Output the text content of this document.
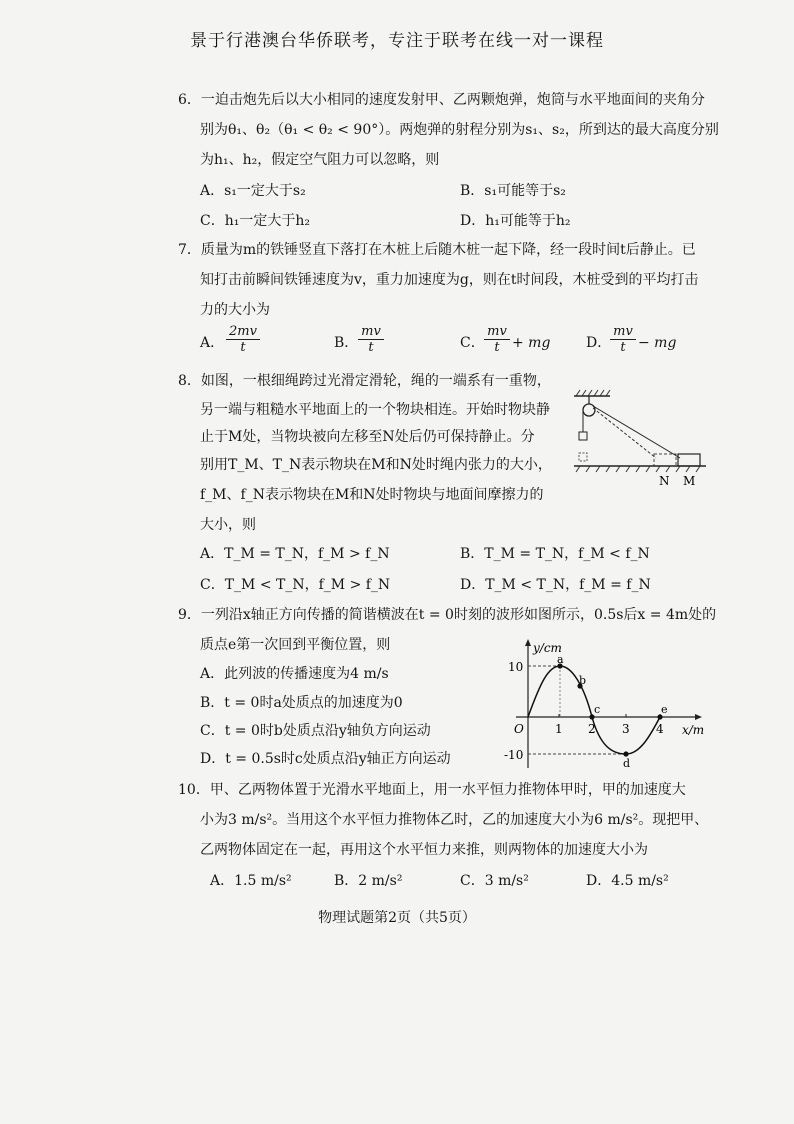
景于行港澳台华侨联考，专注于联考在线一对一课程
6．一迫击炮先后以大小相同的速度发射甲、乙两颗炮弹，炮筒与水平地面间的夹角分
别为θ₁、θ₂（θ₁ < θ₂ < 90°）。两炮弹的射程分别为s₁、s₂，所到达的最大高度分别
为h₁、h₂，假定空气阻力可以忽略，则
A．s₁一定大于s₂	B．s₁可能等于s₂
C．h₁一定大于h₂	D．h₁可能等于h₂
7．质量为m的铁锤竖直下落打在木桩上后随木桩一起下降，经一段时间t后静止。已
知打击前瞬间铁锤速度为v，重力加速度为g，则在t时间段，木桩受到的平均打击
力的大小为
A． $\frac{2mv}{t}$	B． $\frac{mv}{t}$	C． $\frac{mv}{t}$ + mg	D．
$\frac{mv}{t}$ − mg
8．如图，一根细绳跨过光滑定滑轮，绳的一端系有一重物，
另一端与粗糙水平地面上的一个物块相连。开始时物块静
止于M处，当物块被向左移至N处后仍可保持静止。分
别用T_M、T_N表示物块在M和N处时绳内张力的大小，
f_M、f_N表示物块在M和N处时物块与地面间摩擦力的
大小，则
N M
A．T_M = T_N，f_M > f_N	B．T_M = T_N，f_M < f_N
C．T_M < T_N，f_M > f_N	D．T_M < T_N，f_M = f_N
9．一列沿x轴正方向传播的简谐横波在t = 0时刻的波形如图所示，0.5s后x = 4m处的
质点e第一次回到平衡位置，则
A．此列波的传播速度为4 m/s
B．t = 0时a处质点的加速度为0
C．t = 0时b处质点沿y轴负方向运动
D．t = 0.5s时c处质点沿y轴正方向运动
y/cm
x/m
O
10
-10
1 2 3 4
a
b
c
d
e
10．甲、乙两物体置于光滑水平地面上，用一水平恒力推物体甲时，甲的加速度大
小为3 m/s²。当用这个水平恒力推物体乙时，乙的加速度大小为6 m/s²。现把甲、
乙两物体固定在一起，再用这个水平恒力来推，则两物体的加速度大小为
A．1.5 m/s²	B．2 m/s²	C．3 m/s²	D．4.5 m/s²
物理试题第2页（共5页）
